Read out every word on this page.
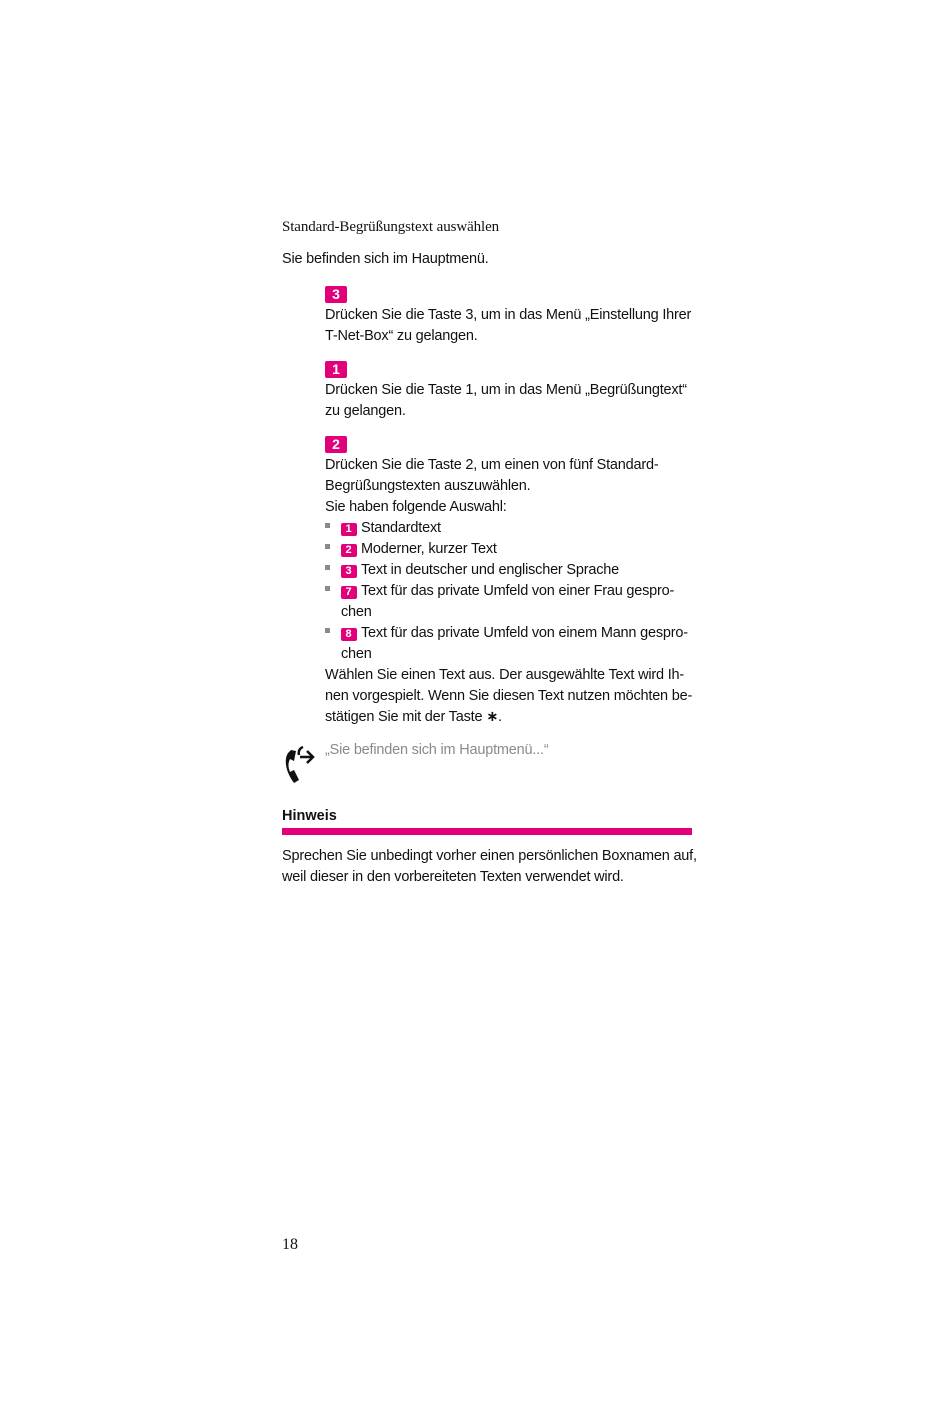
Standard-Begrüßungstext auswählen
Sie befinden sich im Hauptmenü.
3
Drücken Sie die Taste 3, um in das Menü „Einstellung Ihrer T-Net-Box“ zu gelangen.
1
Drücken Sie die Taste 1, um in das Menü „Begrüßungtext“ zu gelangen.
2
Drücken Sie die Taste 2, um einen von fünf Standard-Begrüßungstexten auszuwählen.
Sie haben folgende Auswahl:
1 Standardtext
2 Moderner, kurzer Text
3 Text in deutscher und englischer Sprache
7 Text für das private Umfeld von einer Frau gespro-
chen
8 Text für das private Umfeld von einem Mann gespro-
chen
Wählen Sie einen Text aus. Der ausgewählte Text wird Ih-nen vorgespielt. Wenn Sie diesen Text nutzen möchten be-stätigen Sie mit der Taste ∗.
„Sie befinden sich im Hauptmenü...“
Hinweis
Sprechen Sie unbedingt vorher einen persönlichen Boxnamen auf, weil dieser in den vorbereiteten Texten verwendet wird.
18
